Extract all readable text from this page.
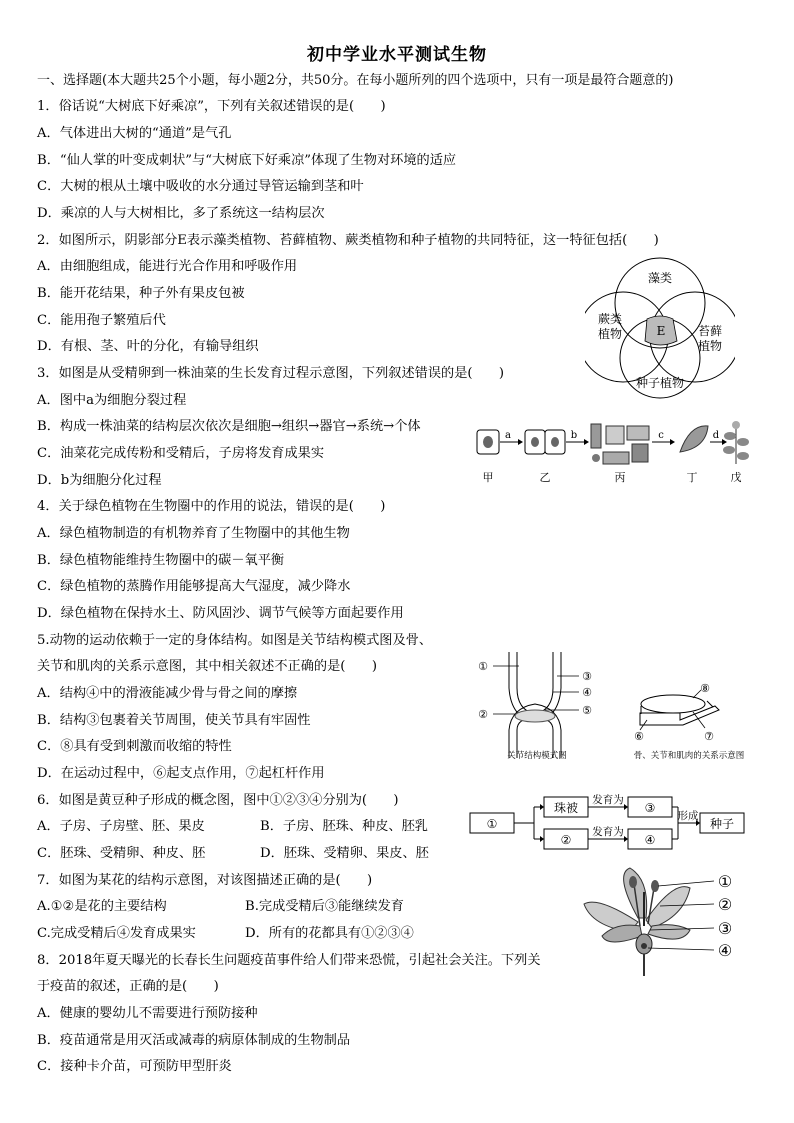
初中学业水平测试生物
一、选择题(本大题共25个小题，每小题2分，共50分。在每小题所列的四个选项中，只有一项是最符合题意的)
1．俗话说“大树底下好乘凉”，下列有关叙述错误的是(　　)
A．气体进出大树的“通道”是气孔
B．“仙人掌的叶变成刺状”与“大树底下好乘凉”体现了生物对环境的适应
C．大树的根从土壤中吸收的水分通过导管运输到茎和叶
D．乘凉的人与大树相比，多了系统这一结构层次
2．如图所示，阴影部分E表示藻类植物、苔藓植物、蕨类植物和种子植物的共同特征，这一特征包括(　　)
A．由细胞组成，能进行光合作用和呼吸作用
B．能开花结果，种子外有果皮包被
C．能用孢子繁殖后代
D．有根、茎、叶的分化，有输导组织
藻类
蕨类
植物	苔藓
植物
种子植物
E
3．如图是从受精卵到一株油菜的生长发育过程示意图，下列叙述错误的是(　　)
A．图中a为细胞分裂过程
B．构成一株油菜的结构层次依次是细胞→组织→器官→系统→个体
C．油菜花完成传粉和受精后，子房将发育成果实
D．b为细胞分化过程
a	b	c	d
甲	乙	丙	丁	戊
4．关于绿色植物在生物圈中的作用的说法，错误的是(　　)
A．绿色植物制造的有机物养育了生物圈中的其他生物
B．绿色植物能维持生物圈中的碳－氧平衡
C．绿色植物的蒸腾作用能够提高大气湿度，减少降水
D．绿色植物在保持水土、防风固沙、调节气候等方面起要作用
5.动物的运动依赖于一定的身体结构。如图是关节结构模式图及骨、
关节和肌肉的关系示意图，其中相关叙述不正确的是(　　)
A．结构④中的滑液能减少骨与骨之间的摩擦
B．结构③包裹着关节周围，使关节具有牢固性
C．⑧具有受到刺激而收缩的特性
D．在运动过程中，⑥起支点作用，⑦起杠杆作用
①
②
③
④
⑤
关节结构模式图
⑥	⑦
⑧
骨、关节和肌肉的关系示意图
6．如图是黄豆种子形成的概念图，图中①②③④分别为(　　)
A．子房、子房壁、胚、果皮	B．子房、胚珠、种皮、胚乳
C．胚珠、受精卵、种皮、胚	D．胚珠、受精卵、果皮、胚
①
珠被
②
③
④
种子
发育为
发育为
形成
7．如图为某花的结构示意图，对该图描述正确的是(　　)
A.①②是花的主要结构	B.完成受精后③能继续发育
C.完成受精后④发育成果实	D．所有的花都具有①②③④
①
②
③
④
8．2018年夏天曝光的长春长生问题疫苗事件给人们带来恐慌，引起社会关注。下列关
于疫苗的叙述，正确的是(　　)
A．健康的婴幼儿不需要进行预防接种
B．疫苗通常是用灭活或减毒的病原体制成的生物制品
C．接种卡介苗，可预防甲型肝炎
